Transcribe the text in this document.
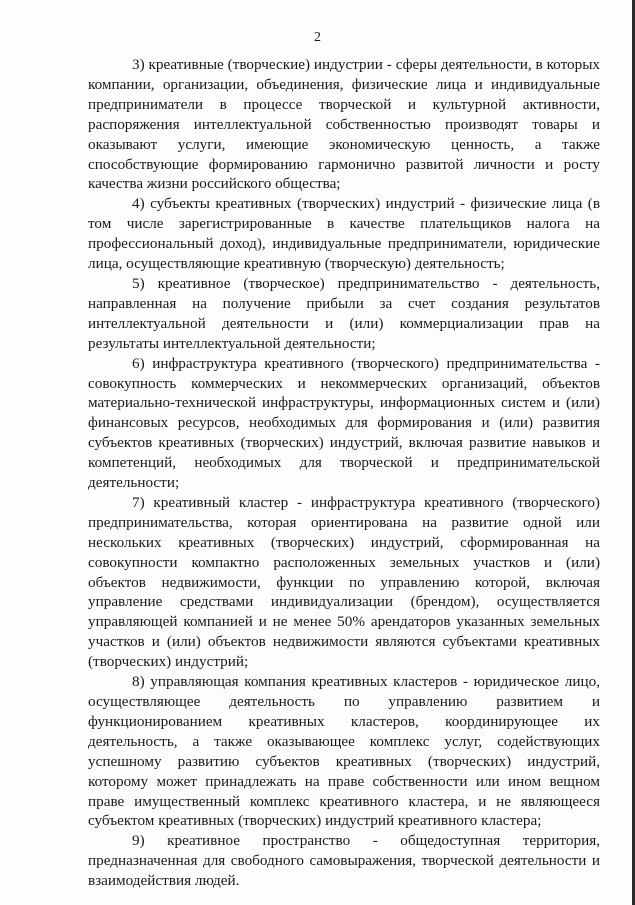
2

3) креативные (творческие) индустрии - сферы деятельности, в которых компании, организации, объединения, физические лица и индивидуальные предприниматели в процессе творческой и культурной активности, распоряжения интеллектуальной собственностью производят товары и оказывают услуги, имеющие экономическую ценность, а также способствующие формированию гармонично развитой личности и росту качества жизни российского общества;

4) субъекты креативных (творческих) индустрий - физические лица (в том числе зарегистрированные в качестве плательщиков налога на профессиональный доход), индивидуальные предприниматели, юридические лица, осуществляющие креативную (творческую) деятельность;

5) креативное (творческое) предпринимательство - деятельность, направленная на получение прибыли за счет создания результатов интеллектуальной деятельности и (или) коммерциализации прав на результаты интеллектуальной деятельности;

6) инфраструктура креативного (творческого) предпринимательства - совокупность коммерческих и некоммерческих организаций, объектов материально-технической инфраструктуры, информационных систем и (или) финансовых ресурсов, необходимых для формирования и (или) развития субъектов креативных (творческих) индустрий, включая развитие навыков и компетенций, необходимых для творческой и предпринимательской деятельности;

7) креативный кластер - инфраструктура креативного (творческого) предпринимательства, которая ориентирована на развитие одной или нескольких креативных (творческих) индустрий, сформированная на совокупности компактно расположенных земельных участков и (или) объектов недвижимости, функции по управлению которой, включая управление средствами индивидуализации (брендом), осуществляется управляющей компанией и не менее 50% арендаторов указанных земельных участков и (или) объектов недвижимости являются субъектами креативных (творческих) индустрий;

8) управляющая компания креативных кластеров - юридическое лицо, осуществляющее деятельность по управлению развитием и функционированием креативных кластеров, координирующее их деятельность, а также оказывающее комплекс услуг, содействующих успешному развитию субъектов креативных (творческих) индустрий, которому может принадлежать на праве собственности или ином вещном праве имущественный комплекс креативного кластера, и не являющееся субъектом креативных (творческих) индустрий креативного кластера;

9) креативное пространство - общедоступная территория, предназначенная для свободного самовыражения, творческой деятельности и взаимодействия людей.
